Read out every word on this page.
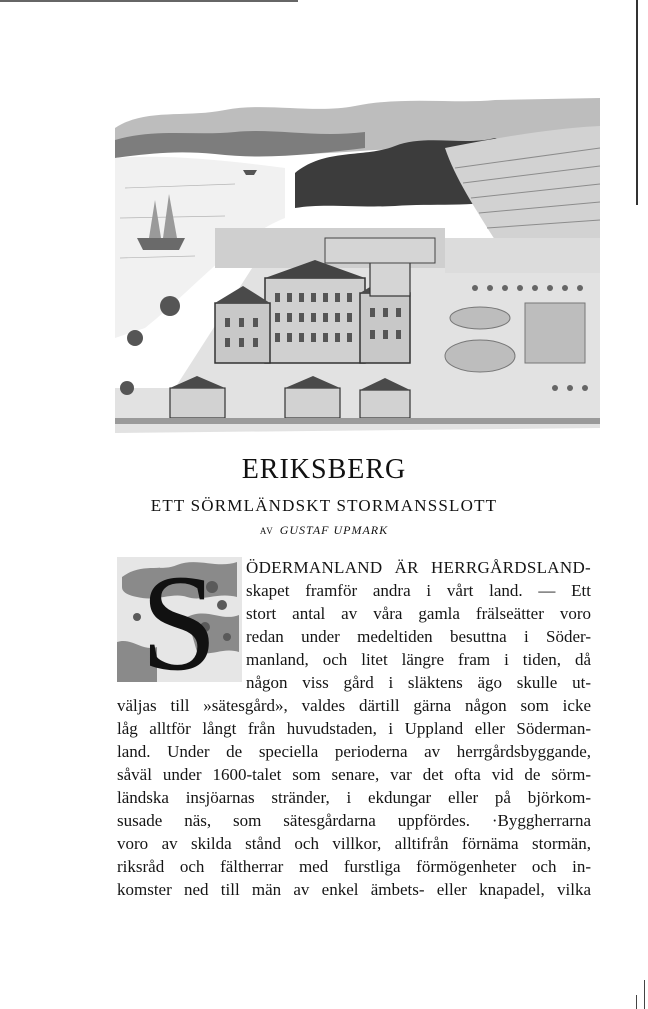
ERIKSBERG
ETT SÖRMLÄNDSKT STORMANSSLOTT
AV GUSTAF UPMARK
S ÖDERMANLAND ÄR HERRGÅRDSLAND-
skapet framför andra i vårt land. — Ett
stort antal av våra gamla frälseätter voro
redan under medeltiden besuttna i Söder-
manland, och litet längre fram i tiden, då
någon viss gård i släktens ägo skulle ut-
väljas till »sätesgård», valdes därtill gärna någon som icke
låg alltför långt från huvudstaden, i Uppland eller Söderman-
land. Under de speciella perioderna av herrgårdsbyggande,
såväl under 1600-talet som senare, var det ofta vid de sörm-
ländska insjöarnas stränder, i ekdungar eller på björkom-
susade näs, som sätesgårdarna uppfördes. ·Byggherrarna
voro av skilda stånd och villkor, alltifrån förnäma stormän,
riksråd och fältherrar med furstliga förmögenheter och in-
komster ned till män av enkel ämbets- eller knapadel, vilka
